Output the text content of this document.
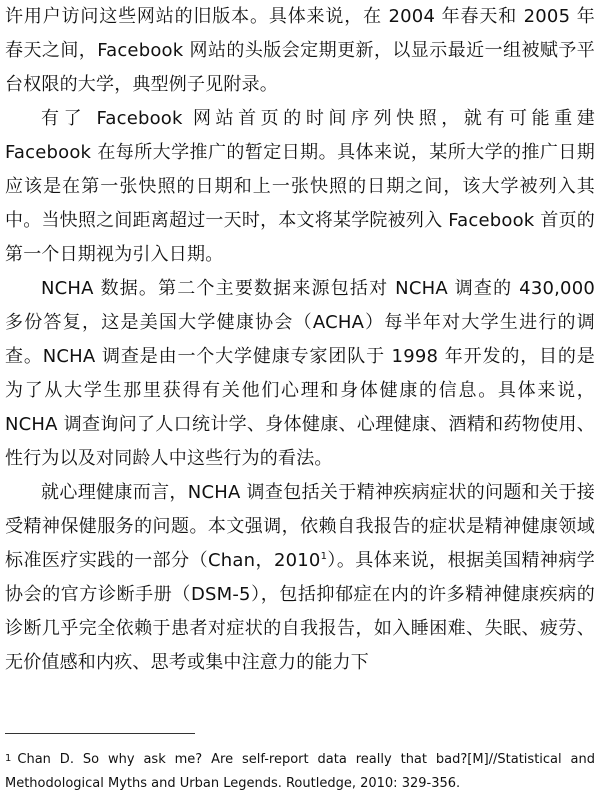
许用户访问这些网站的旧版本。具体来说，在 2004 年春天和 2005 年春天之间，Facebook 网站的头版会定期更新，以显示最近一组被赋予平台权限的大学，典型例子见附录。

有了 Facebook 网站首页的时间序列快照，就有可能重建 Facebook 在每所大学推广的暂定日期。具体来说，某所大学的推广日期应该是在第一张快照的日期和上一张快照的日期之间，该大学被列入其中。当快照之间距离超过一天时，本文将某学院被列入 Facebook 首页的第一个日期视为引入日期。

NCHA 数据。第二个主要数据来源包括对 NCHA 调查的 430,000 多份答复，这是美国大学健康协会（ACHA）每半年对大学生进行的调查。NCHA 调查是由一个大学健康专家团队于 1998 年开发的，目的是为了从大学生那里获得有关他们心理和身体健康的信息。具体来说，NCHA 调查询问了人口统计学、身体健康、心理健康、酒精和药物使用、性行为以及对同龄人中这些行为的看法。

就心理健康而言，NCHA 调查包括关于精神疾病症状的问题和关于接受精神保健服务的问题。本文强调，依赖自我报告的症状是精神健康领域标准医疗实践的一部分（Chan，2010$^1$）。具体来说，根据美国精神病学协会的官方诊断手册（DSM-5），包括抑郁症在内的许多精神健康疾病的诊断几乎完全依赖于患者对症状的自我报告，如入睡困难、失眠、疲劳、无价值感和内疚、思考或集中注意力的能力下

1 Chan D. So why ask me? Are self-report data really that bad?[M]//Statistical and Methodological Myths and Urban Legends. Routledge, 2010: 329-356.
